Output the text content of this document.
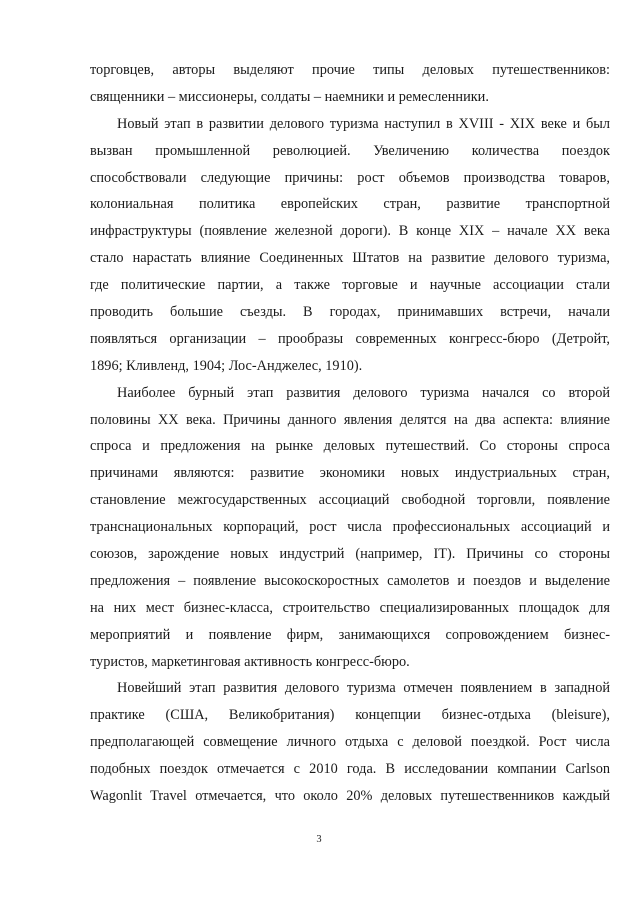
торговцев, авторы выделяют прочие типы деловых путешественников:
священники – миссионеры, солдаты – наемники и ремесленники.
Новый этап в развитии делового туризма наступил в XVIII - XIX веке и был
вызван промышленной революцией. Увеличению количества поездок
способствовали следующие причины: рост объемов производства товаров,
колониальная политика европейских стран, развитие транспортной
инфраструктуры (появление железной дороги). В конце XIX – начале XX века
стало нарастать влияние Соединенных Штатов на развитие делового туризма,
где политические партии, а также торговые и научные ассоциации стали
проводить большие съезды. В городах, принимавших встречи, начали
появляться организации – прообразы современных конгресс-бюро (Детройт,
1896; Кливленд, 1904; Лос-Анджелес, 1910).
Наиболее бурный этап развития делового туризма начался со второй
половины XX века. Причины данного явления делятся на два аспекта: влияние
спроса и предложения на рынке деловых путешествий. Со стороны спроса
причинами являются: развитие экономики новых индустриальных стран,
становление межгосударственных ассоциаций свободной торговли, появление
транснациональных корпораций, рост числа профессиональных ассоциаций и
союзов, зарождение новых индустрий (например, IT). Причины со стороны
предложения – появление высокоскоростных самолетов и поездов и выделение
на них мест бизнес-класса, строительство специализированных площадок для
мероприятий и появление фирм, занимающихся сопровождением бизнес-
туристов, маркетинговая активность конгресс-бюро.
Новейший этап развития делового туризма отмечен появлением в западной
практике (США, Великобритания) концепции бизнес-отдыха (bleisure),
предполагающей совмещение личного отдыха с деловой поездкой. Рост числа
подобных поездок отмечается с 2010 года. В исследовании компании Carlson
Wagonlit Travel отмечается, что около 20% деловых путешественников каждый
3
